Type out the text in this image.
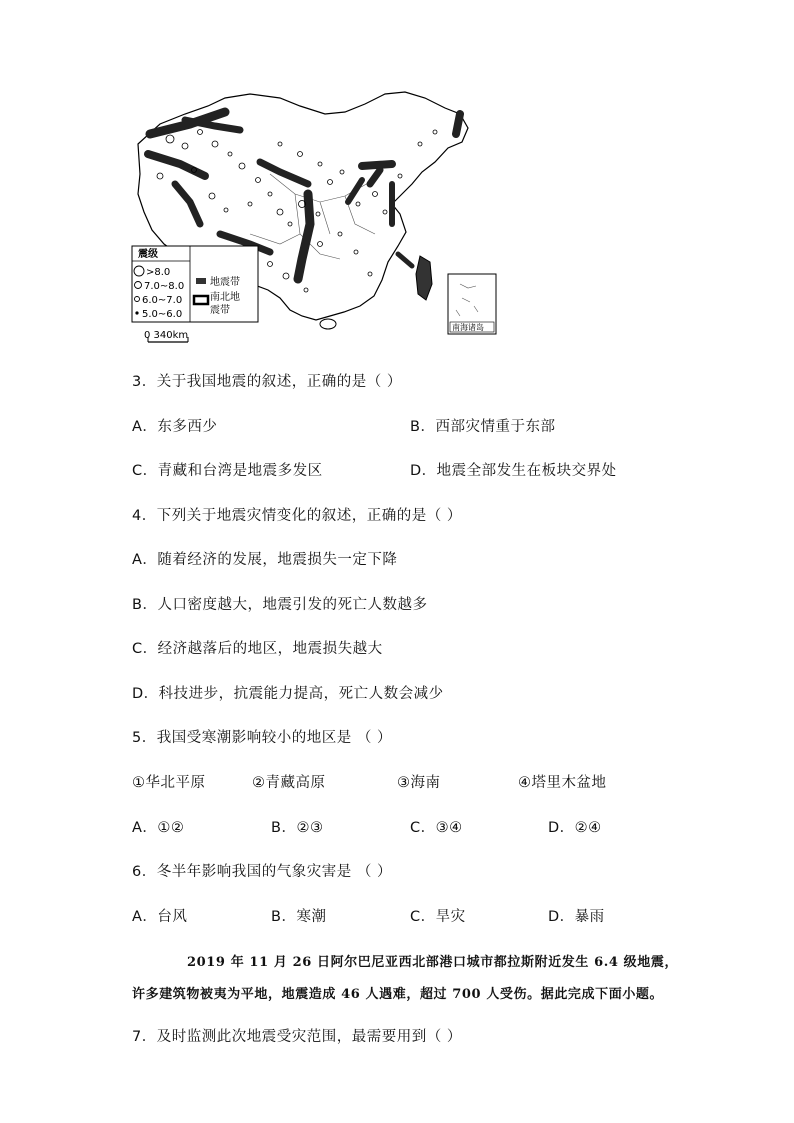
震级
>8.0
7.0~8.0
6.0~7.0
5.0~6.0
地震带
南北地
震带
0 340km
南海诸岛
3．关于我国地震的叙述，正确的是（ ）
A．东多西少	B．西部灾情重于东部
C．青藏和台湾是地震多发区	D．地震全部发生在板块交界处
4．下列关于地震灾情变化的叙述，正确的是（ ）
A．随着经济的发展，地震损失一定下降
B．人口密度越大，地震引发的死亡人数越多
C．经济越落后的地区，地震损失越大
D．科技进步，抗震能力提高，死亡人数会减少
5．我国受寒潮影响较小的地区是 （ ）
①华北平原	②青藏高原	③海南	④塔里木盆地
A．①②	B．②③	C．③④	D．②④
6．冬半年影响我国的气象灾害是 （ ）
A．台风	B．寒潮	C．旱灾	D．暴雨
2019 年 11 月 26 日阿尔巴尼亚西北部港口城市都拉斯附近发生 6.4 级地震，
许多建筑物被夷为平地，地震造成 46 人遇难，超过 700 人受伤。据此完成下面小题。
7．及时监测此次地震受灾范围，最需要用到（ ）
